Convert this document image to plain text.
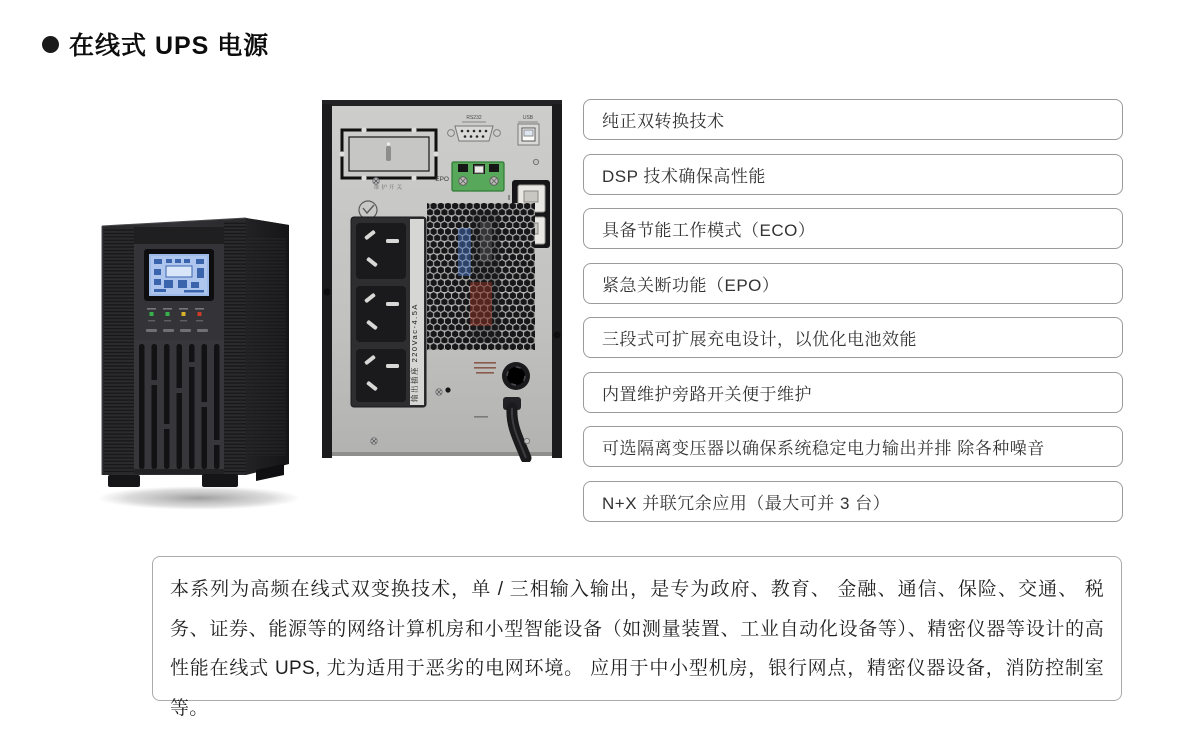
在线式 UPS 电源
维护开关
RS232	USB
EPO
输出插座 220Vac-4.5A
纯正双转换技术
DSP 技术确保高性能
具备节能工作模式（ECO）
紧急关断功能（EPO）
三段式可扩展充电设计，以优化电池效能
内置维护旁路开关便于维护
可选隔离变压器以确保系统稳定电力输出并排 除各种噪音
N+X 并联冗余应用（最大可并 3 台）
本系列为高频在线式双变换技术，单 / 三相输入输出，是专为政府、教育、 金融、通信、保险、交通、 税务、证券、能源等的网络计算机房和小型智能设备（如测量装置、工业自动化设备等）、精密仪器等设计的高性能在线式 UPS, 尤为适用于恶劣的电网环境。 应用于中小型机房，银行网点，精密仪器设备，消防控制室等。
